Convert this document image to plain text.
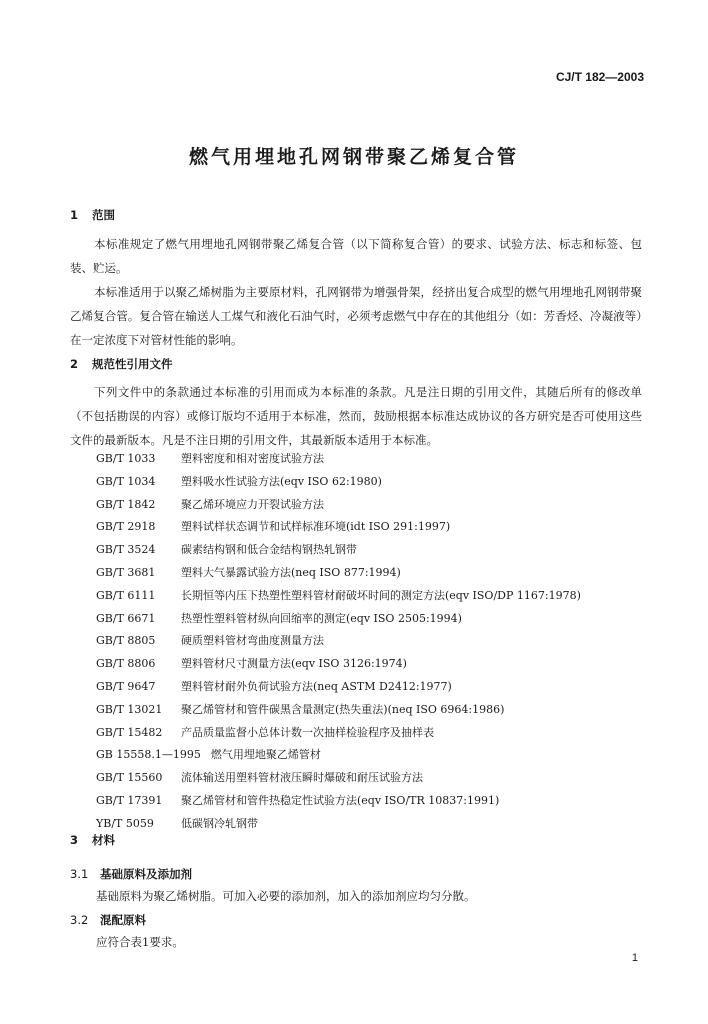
CJ/T 182—2003
燃气用埋地孔网钢带聚乙烯复合管
1 范围
本标准规定了燃气用埋地孔网钢带聚乙烯复合管（以下简称复合管）的要求、试验方法、标志和标签、包装、贮运。
本标准适用于以聚乙烯树脂为主要原材料，孔网钢带为增强骨架，经挤出复合成型的燃气用埋地孔网钢带聚乙烯复合管。复合管在输送人工煤气和液化石油气时，必须考虑燃气中存在的其他组分（如：芳香烃、冷凝液等）在一定浓度下对管材性能的影响。
2 规范性引用文件
下列文件中的条款通过本标准的引用而成为本标准的条款。凡是注日期的引用文件，其随后所有的修改单（不包括勘误的内容）或修订版均不适用于本标准，然而，鼓励根据本标准达成协议的各方研究是否可使用这些文件的最新版本。凡是不注日期的引用文件，其最新版本适用于本标准。
GB/T 1033 塑料密度和相对密度试验方法
GB/T 1034 塑料吸水性试验方法(eqv ISO 62:1980)
GB/T 1842 聚乙烯环境应力开裂试验方法
GB/T 2918 塑料试样状态调节和试样标准环境(idt ISO 291:1997)
GB/T 3524 碳素结构钢和低合金结构钢热轧钢带
GB/T 3681 塑料大气暴露试验方法(neq ISO 877:1994)
GB/T 6111 长期恒等内压下热塑性塑料管材耐破坏时间的测定方法(eqv ISO/DP 1167:1978)
GB/T 6671 热塑性塑料管材纵向回缩率的测定(eqv ISO 2505:1994)
GB/T 8805 硬质塑料管材弯曲度测量方法
GB/T 8806 塑料管材尺寸测量方法(eqv ISO 3126:1974)
GB/T 9647 塑料管材耐外负荷试验方法(neq ASTM D2412:1977)
GB/T 13021 聚乙烯管材和管件碳黑含量测定(热失重法)(neq ISO 6964:1986)
GB/T 15482 产品质量监督小总体计数一次抽样检验程序及抽样表
GB 15558.1—1995 燃气用埋地聚乙烯管材
GB/T 15560 流体输送用塑料管材液压瞬时爆破和耐压试验方法
GB/T 17391 聚乙烯管材和管件热稳定性试验方法(eqv ISO/TR 10837:1991)
YB/T 5059 低碳钢冷轧钢带
3 材料
3.1 基础原料及添加剂
基础原料为聚乙烯树脂。可加入必要的添加剂，加入的添加剂应均匀分散。
3.2 混配原料
应符合表1要求。
1
